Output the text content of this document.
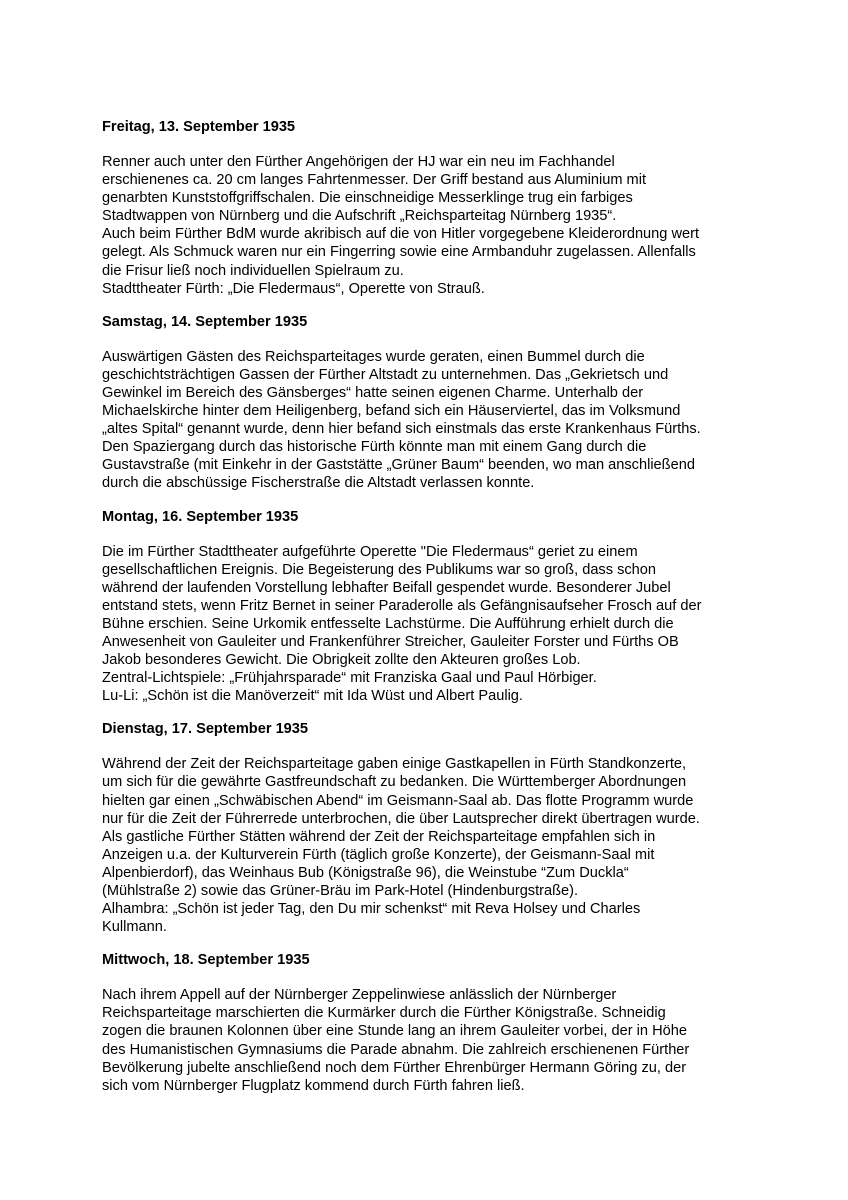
Freitag, 13. September 1935
Renner auch unter den Fürther Angehörigen der HJ war ein neu im Fachhandel
erschienenes ca. 20 cm langes Fahrtenmesser. Der Griff bestand aus Aluminium mit
genarbten Kunststoffgriffschalen. Die einschneidige Messerklinge trug ein farbiges
Stadtwappen von Nürnberg und die Aufschrift „Reichsparteitag Nürnberg 1935“.
Auch beim Fürther BdM wurde akribisch auf die von Hitler vorgegebene Kleiderordnung wert
gelegt. Als Schmuck waren nur ein Fingerring sowie eine Armbanduhr zugelassen. Allenfalls
die Frisur ließ noch individuellen Spielraum zu.
Stadttheater Fürth: „Die Fledermaus“, Operette von Strauß.
Samstag, 14. September 1935
Auswärtigen Gästen des Reichsparteitages wurde geraten, einen Bummel durch die
geschichtsträchtigen Gassen der Fürther Altstadt zu unternehmen. Das „Gekrietsch und
Gewinkel im Bereich des Gänsberges“ hatte seinen eigenen Charme. Unterhalb der
Michaelskirche hinter dem Heiligenberg, befand sich ein Häuserviertel, das im Volksmund
„altes Spital“ genannt wurde, denn hier befand sich einstmals das erste Krankenhaus Fürths.
Den Spaziergang durch das historische Fürth könnte man mit einem Gang durch die
Gustavstraße (mit Einkehr in der Gaststätte „Grüner Baum“ beenden, wo man anschließend
durch die abschüssige Fischerstraße die Altstadt verlassen konnte.
Montag, 16. September 1935
Die im Fürther Stadttheater aufgeführte Operette "Die Fledermaus“ geriet zu einem
gesellschaftlichen Ereignis. Die Begeisterung des Publikums war so groß, dass schon
während der laufenden Vorstellung lebhafter Beifall gespendet wurde. Besonderer Jubel
entstand stets, wenn Fritz Bernet in seiner Paraderolle als Gefängnisaufseher Frosch auf der
Bühne erschien. Seine Urkomik entfesselte Lachstürme. Die Aufführung erhielt durch die
Anwesenheit von Gauleiter und Frankenführer Streicher, Gauleiter Forster und Fürths OB
Jakob besonderes Gewicht. Die Obrigkeit zollte den Akteuren großes Lob.
Zentral-Lichtspiele: „Frühjahrsparade“ mit Franziska Gaal und Paul Hörbiger.
Lu-Li: „Schön ist die Manöverzeit“ mit Ida Wüst und Albert Paulig.
Dienstag, 17. September 1935
Während der Zeit der Reichsparteitage gaben einige Gastkapellen in Fürth Standkonzerte,
um sich für die gewährte Gastfreundschaft zu bedanken. Die Württemberger Abordnungen
hielten gar einen „Schwäbischen Abend“ im Geismann-Saal ab. Das flotte Programm wurde
nur für die Zeit der Führerrede unterbrochen, die über Lautsprecher direkt übertragen wurde.
Als gastliche Fürther Stätten während der Zeit der Reichsparteitage empfahlen sich in
Anzeigen u.a. der Kulturverein Fürth (täglich große Konzerte), der Geismann-Saal mit
Alpenbierdorf), das Weinhaus Bub (Königstraße 96), die Weinstube “Zum Duckla“
(Mühlstraße 2) sowie das Grüner-Bräu im Park-Hotel (Hindenburgstraße).
Alhambra: „Schön ist jeder Tag, den Du mir schenkst“ mit Reva Holsey und Charles
Kullmann.
Mittwoch, 18. September 1935
Nach ihrem Appell auf der Nürnberger Zeppelinwiese anlässlich der Nürnberger
Reichsparteitage marschierten die Kurmärker durch die Fürther Königstraße. Schneidig
zogen die braunen Kolonnen über eine Stunde lang an ihrem Gauleiter vorbei, der in Höhe
des Humanistischen Gymnasiums die Parade abnahm. Die zahlreich erschienenen Fürther
Bevölkerung jubelte anschließend noch dem Fürther Ehrenbürger Hermann Göring zu, der
sich vom Nürnberger Flugplatz kommend durch Fürth fahren ließ.
